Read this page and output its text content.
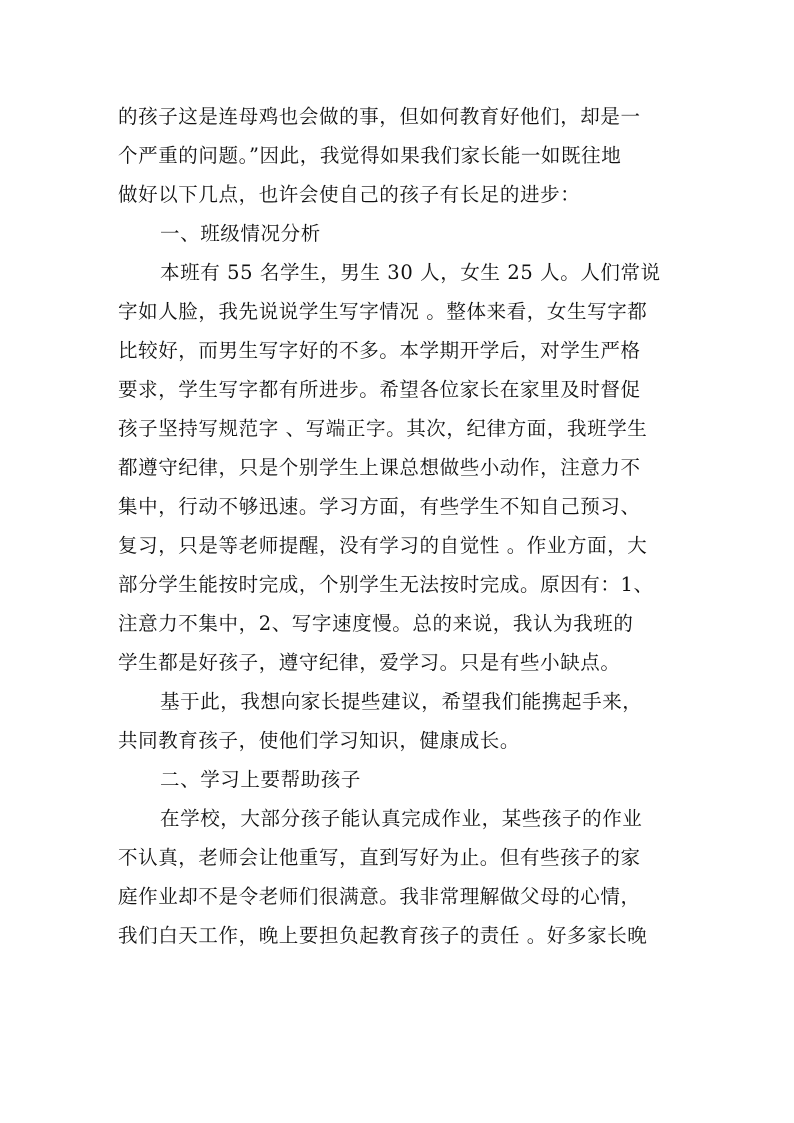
的孩子这是连母鸡也会做的事，但如何教育好他们，却是一
个严重的问题。”因此，我觉得如果我们家长能一如既往地
做好以下几点，也许会使自己的孩子有长足的进步：
一、班级情况分析
本班有 55 名学生，男生 30 人，女生 25 人。人们常说
字如人脸，我先说说学生写字情况 。整体来看，女生写字都
比较好，而男生写字好的不多。本学期开学后，对学生严格
要求，学生写字都有所进步。希望各位家长在家里及时督促
孩子坚持写规范字 、写端正字。其次，纪律方面，我班学生
都遵守纪律，只是个别学生上课总想做些小动作，注意力不
集中，行动不够迅速。学习方面，有些学生不知自己预习、
复习，只是等老师提醒，没有学习的自觉性 。作业方面，大
部分学生能按时完成，个别学生无法按时完成。原因有：1、
注意力不集中，2、写字速度慢。总的来说，我认为我班的
学生都是好孩子，遵守纪律，爱学习。只是有些小缺点。
基于此，我想向家长提些建议，希望我们能携起手来，
共同教育孩子，使他们学习知识，健康成长。
二、学习上要帮助孩子
在学校，大部分孩子能认真完成作业，某些孩子的作业
不认真，老师会让他重写，直到写好为止。但有些孩子的家
庭作业却不是令老师们很满意。我非常理解做父母的心情，
我们白天工作，晚上要担负起教育孩子的责任 。好多家长晚
